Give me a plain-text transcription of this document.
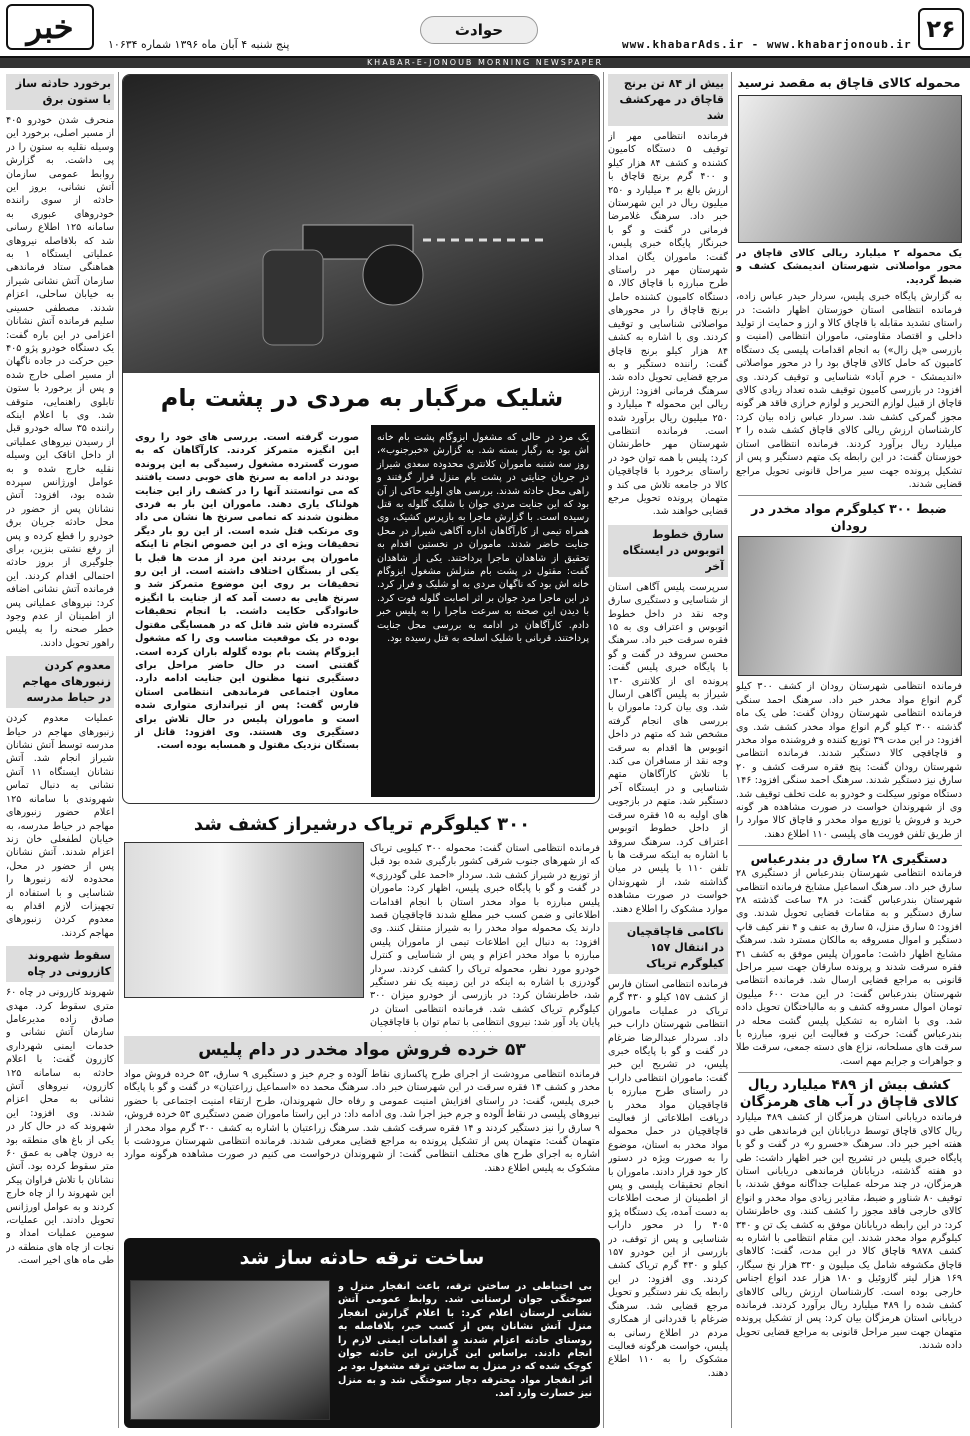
خبر	پنج شنبه ۴ آبان ماه ۱۳۹۶ شماره ۱۰۶۳۴
حوادث
www.khabarAds.ir - www.khabarjonoub.ir
۲۶
KHABAR-E-JONOUB MORNING NEWSPAPER
محموله کالای قاچاق به مقصد نرسید

یک محموله ۲ میلیارد ریالی کالای قاچاق در محور مواصلاتی شهرستان اندیمشک کشف و ضبط گردید.

به گزارش پایگاه خبری پلیس، سردار حیدر عباس زاده، فرمانده انتظامی استان خوزستان اظهار داشت: در راستای تشدید مقابله با قاچاق کالا و ارز و حمایت از تولید داخلی و اقتصاد مقاومتی، ماموران انتظامی (امنیت و بازرسی «پل زال») به انجام اقدامات پلیسی یک دستگاه کامیون که حامل کالای قاچاق بود را در محور مواصلاتی «اندیمشک - خرم آباد» شناسایی و توقیف کردند. وی افزود: در بازرسی کامیون توقیف شده تعداد زیادی کالای قاچاق از قبیل لوازم التحریر و لوازم خرازی فاقد هر گونه مجوز گمرکی کشف شد. سردار عباس زاده بیان کرد: کارشناسان ارزش ریالی کالای قاچاق کشف شده را ۲ میلیارد ریال برآورد کردند. فرمانده انتظامی استان خوزستان گفت: در این رابطه یک متهم دستگیر و پس از تشکیل پرونده جهت سیر مراحل قانونی تحویل مراجع قضایی شدند.

ضبط ۳۰۰ کیلوگرم مواد مخدر در رودان

فرمانده انتظامی شهرستان رودان از کشف ۳۰۰ کیلو گرم انواع مواد مخدر خبر داد. سرهنگ احمد سنگی فرمانده انتظامی شهرستان رودان گفت: طی یک ماه گذشته ۳۰۰ کیلو گرم انواع مواد مخدر کشف شد. وی افزود: در این مدت ۳۹ توزیع کننده و فروشنده مواد مخدر و قاچاقچی کالا دستگیر شدند. فرمانده انتظامی شهرستان رودان گفت: پنج فقره سرقت کشف و ۲۰ سارق نیز دستگیر شدند. سرهنگ احمد سنگی افزود: ۱۴۶ دستگاه موتور سیکلت و خودرو به علت تخلف توقیف شد. وی از شهروندان خواست در صورت مشاهده هر گونه خرید و فروش یا توزیع مواد مخدر و قاچاق کالا موارد را از طریق تلفن فوریت های پلیسی ۱۱۰ اطلاع دهند.

دستگیری ۲۸ سارق در بندرعباس

فرمانده انتظامی شهرستان بندرعباس از دستگیری ۲۸ سارق خبر داد. سرهنگ اسماعیل مشایخ فرمانده انتظامی شهرستان بندرعباس گفت: در ۴۸ ساعت گذشته ۲۸ سارق دستگیر و به مقامات قضایی تحویل شدند. وی افزود: ۵ سارق منزل، ۵ سارق به عنف و ۴ نفر کیف قاپ دستگیر و اموال مسروقه به مالکان مسترد شد. سرهنگ مشایخ اظهار داشت: ماموران پلیس موفق به کشف ۳۱ فقره سرقت شدند و پرونده سارقان جهت سیر مراحل قانونی به مراجع قضایی ارسال شد. فرمانده انتظامی شهرستان بندرعباس گفت: در این مدت ۶۰۰ میلیون تومان اموال مسروقه کشف و به مالباختگان تحویل داده شد. وی با اشاره به تشکیل پلیس گشت محله در بندرعباس گفت: حرکت و فعالیت این نیرو، مبارزه با سرقت های مسلحانه، نزاع های دسته جمعی، سرقت طلا و جواهرات و جرایم مهم است.

کشف بیش از ۴۸۹ میلیارد ریال کالای قاچاق در آب های هرمزگان

فرمانده دریابانی استان هرمزگان از کشف ۴۸۹ میلیارد ریال کالای قاچاق توسط دریابانان این فرماندهی طی دو هفته اخیر خبر داد. سرهنگ «خسرو ر» در گفت و گو با پایگاه خبری پلیس در تشریح این خبر اظهار داشت: طی دو هفته گذشته، دریابانان فرماندهی دریابانی استان هرمزگان، در چند مرحله عملیات جداگانه موفق شدند، با توقیف ۸۰ شناور و ضبط، مقادیر زیادی مواد مخدر و انواع کالای خارجی فاقد مجوز را کشف کنند. وی خاطرنشان کرد: در این رابطه دریابانان موفق به کشف یک تن و ۳۴۰ کیلوگرم مواد مخدر شدند. این مقام انتظامی با اشاره به کشف ۹۸۷۸ قاچاق کالا در این مدت، گفت: کالاهای قاچاق مکشوفه شامل یک میلیون و ۳۳۰ هزار نخ سیگار، ۱۶۹ هزار لیتر گازوئیل و ۱۸۰ هزار عدد انواع اجناس خارجی بوده است. کارشناسان ارزش ریالی کالاهای کشف شده را ۴۸۹ میلیارد ریال برآورد کردند. فرمانده دریابانی استان هرمزگان بیان کرد: پس از تشکیل پرونده متهمان جهت سیر مراحل قانونی به مراجع قضایی تحویل داده شدند.

بیش از ۸۴ تن برنج قاچاق در مهرکشف شد

فرمانده انتظامی مهر از توقیف ۵ دستگاه کامیون کشنده و کشف ۸۴ هزار کیلو و ۴۰۰ گرم برنج قاچاق با ارزش بالغ بر ۴ میلیارد و ۲۵۰ میلیون ریال در این شهرستان خبر داد. سرهنگ غلامرضا فرمانی در گفت و گو با خبرنگار پایگاه خبری پلیس، گفت: ماموران یگان امداد شهرستان مهر در راستای طرح مبارزه با قاچاق کالا، ۵ دستگاه کامیون کشنده حامل برنج قاچاق را در محورهای مواصلاتی شناسایی و توقیف کردند. وی با اشاره به کشف ۸۴ هزار کیلو برنج قاچاق گفت: راننده دستگیر و به مرجع قضایی تحویل داده شد. سرهنگ فرمانی افزود: ارزش ریالی این محموله ۴ میلیارد و ۲۵۰ میلیون ریال برآورد شده است. فرمانده انتظامی شهرستان مهر خاطرنشان کرد: پلیس با همه توان خود در راستای برخورد با قاچاقچیان کالا در جامعه تلاش می کند و متهمان پرونده تحویل مرجع قضایی خواهند شد.

سارق خطوط اتوبوس در ایستگاه آخر

سرپرست پلیس آگاهی استان از شناسایی و دستگیری سارق وجه نقد در داخل خطوط اتوبوس و اعتراف وی به ۱۵ فقره سرقت خبر داد. سرهنگ محسن سروقد در گفت و گو با پایگاه خبری پلیس گفت: پرونده ای از کلانتری ۱۳۰ شیراز به پلیس آگاهی ارسال شد. وی بیان کرد: ماموران با بررسی های انجام گرفته مشخص شد که متهم در داخل اتوبوس ها اقدام به سرقت وجه نقد از مسافران می کند. با تلاش کارآگاهان متهم شناسایی و در ایستگاه آخر دستگیر شد. متهم در بازجویی های اولیه به ۱۵ فقره سرقت از داخل خطوط اتوبوس اعتراف کرد. سرهنگ سروقد با اشاره به اینکه سرقت ها با تلفن ۱۱۰ با پلیس در میان گذاشته شد، از شهروندان خواست در صورت مشاهده موارد مشکوک را اطلاع دهند.

ناکامی قاچاقچیان در انتقال ۱۵۷ کیلوگرم تریاک

فرمانده انتظامی استان فارس از کشف ۱۵۷ کیلو و ۴۳۰ گرم تریاک در عملیات ماموران انتظامی شهرستان داراب خبر داد. سردار عبدالرضا ضرغام در گفت و گو با پایگاه خبری پلیس، در تشریح این خبر گفت: ماموران انتظامی داراب در راستای طرح مبارزه با قاچاقچیان مواد مخدر با دریافت اطلاعاتی از فعالیت قاچاقچیان در حمل محموله مواد مخدر به استان، موضوع را به صورت ویژه در دستور کار خود قرار دادند. ماموران با انجام تحقیقات پلیسی و پس از اطمینان از صحت اطلاعات به دست آمده، یک دستگاه پژو ۴۰۵ را در محور داراب شناسایی و پس از توقف، در بازرسی از این خودرو ۱۵۷ کیلو و ۴۳۰ گرم تریاک کشف کردند. وی افزود: در این رابطه یک نفر دستگیر و تحویل مرجع قضایی شد. سرهنگ ضرغام با قدردانی از همکاری مردم در اطلاع رسانی به پلیس، خواست هرگونه فعالیت مشکوک را به ۱۱۰ اطلاع دهند.

شلیک مرگبار به مردی در پشت بام

یک مرد در حالی که مشغول ایزوگام پشت بام خانه اش بود به رگبار بسته شد. به گزارش «خبرجنوب»، روز سه شنبه ماموران کلانتری محدوده سعدی شیراز در جریان جنایتی در پشت بام منزل قرار گرفتند و راهی محل حادثه شدند. بررسی های اولیه حاکی از آن بود که این جنایت مردی جوان با شلیک گلوله به قتل رسیده است. با گزارش ماجرا به بازپرس کشیک، وی همراه تیمی از کارآگاهان اداره آگاهی شیراز در محل جنایت حاضر شدند. ماموران در نخستین اقدام به تحقیق از شاهدان ماجرا پرداختند. یکی از شاهدان گفت: مقتول در پشت بام منزلش مشغول ایزوگام خانه اش بود که ناگهان مردی به او شلیک و فرار کرد. در این ماجرا مرد جوان بر اثر اصابت گلوله فوت کرد. با دیدن این صحنه به سرعت ماجرا را به پلیس خبر دادم. کارآگاهان در ادامه به بررسی محل جنایت پرداختند. قربانی با شلیک اسلحه به قتل رسیده بود.

صورت گرفته است. بررسی های خود را روی این انگیزه متمرکز کردند. کارآگاهان که به صورت گسترده مشغول رسیدگی به این پرونده بودند در ادامه به سرنخ های خوبی دست یافتند که می توانستند آنها را در کشف راز این جنایت هولناک یاری دهند. ماموران این بار به فردی مظنون شدند که تمامی سرنخ ها نشان می داد وی مرتکب قتل شده است. از این رو بار دیگر تحقیقات ویژه ای در این خصوص انجام تا اینکه ماموران پی بردند این مرد از مدت ها قبل با یکی از بستگان اختلاف داشته است. از این رو تحقیقات بر روی این موضوع متمرکز شد و سرنخ هایی به دست آمد که از جنایت با انگیزه خانوادگی حکایت داشت. با انجام تحقیقات گسترده فاش شد قاتل که در همسایگی مقتول بوده در یک موقعیت مناسب وی را که مشغول ایزوگام پشت بام بوده گلوله باران کرده است. گفتنی است در حال حاضر مراحل برای دستگیری تنها مظنون این جنایت ادامه دارد. معاون اجتماعی فرماندهی انتظامی استان فارس گفت: پس از تیراندازی متواری شده است و ماموران پلیس در حال تلاش برای دستگیری وی هستند. وی افزود: قاتل از بستگان نزدیک مقتول و همسایه بوده است.

۳۰۰ کیلوگرم تریاک درشیراز کشف شد

فرمانده انتظامی استان گفت: محموله ۳۰۰ کیلویی تریاک که از شهرهای جنوب شرقی کشور بارگیری شده بود قبل از توزیع در شیراز کشف شد. سردار «احمد علی گودرزی» در گفت و گو با پایگاه خبری پلیس، اظهار کرد: ماموران پلیس مبارزه با مواد مخدر استان با انجام اقدامات اطلاعاتی و ضمن کسب خبر مطلع شدند قاچاقچیان قصد دارند یک محموله مواد مخدر را به شیراز منتقل کنند. وی افزود: به دنبال این اطلاعات تیمی از ماموران پلیس مبارزه با مواد مخدر اعزام و پس از شناسایی و کنترل خودرو مورد نظر، محموله تریاک را کشف کردند. سردار گودرزی با اشاره به اینکه در این زمینه یک نفر دستگیر شد، خاطرنشان کرد: در بازرسی از خودرو میزان ۳۰۰ کیلوگرم تریاک کشف شد. فرمانده انتظامی استان در پایان یاد آور شد: نیروی انتظامی با تمام توان با قاچاقچیان

۵۳ خرده فروش مواد مخدر در دام پلیس

فرمانده انتظامی مرودشت از اجرای طرح پاکسازی نقاط آلوده و جرم خیز و دستگیری ۹ سارق، ۵۳ خرده فروش مواد مخدر و کشف ۱۴ فقره سرقت در این شهرستان خبر داد. سرهنگ محمد ده «اسماعیل زراعتیان» در گفت و گو با پایگاه خبری پلیس، گفت: در راستای افزایش امنیت عمومی و رفاه حال شهروندان، طرح ارتقاء امنیت اجتماعی با حضور نیروهای پلیسی در نقاط آلوده و جرم خیز اجرا شد. وی ادامه داد: در این راستا ماموران ضمن دستگیری ۵۳ خرده فروش، ۹ سارق را نیز دستگیر کردند و ۱۴ فقره سرقت کشف شد. سرهنگ زراعتیان با اشاره به کشف ۳۰۰ گرم مواد مخدر از متهمان گفت: متهمان پس از تشکیل پرونده به مراجع قضایی معرفی شدند. فرمانده انتظامی شهرستان مرودشت با اشاره به اجرای طرح های مختلف انتظامی گفت: از شهروندان درخواست می کنیم در صورت مشاهده هرگونه موارد مشکوک به پلیس اطلاع دهند.

ساخت ترقه حادثه ساز شد

بی احتیاطی در ساختن ترقه، باعث انفجار منزل و سوختگی جوان لرستانی شد. روابط عمومی آتش نشانی لرستان اعلام کرد: با اعلام گزارش انفجار منزل آتش نشانان پس از کسب خبر، بلافاصله به روستای حادثه اعزام شدند و اقدامات ایمنی لازم را انجام دادند. براساس این گزارش این حادثه جوان کوچک شده که در منزل به ساختن ترقه مشغول بود بر اثر انفجار مواد محترقه دچار سوختگی شد و به منزل نیز خسارت وارد آمد.

برخورد حادثه ساز با ستون برق

منحرف شدن خودرو ۴۰۵ از مسیر اصلی، برخورد این وسیله نقلیه به ستون را در پی داشت. به گزارش روابط عمومی سازمان آتش نشانی، بروز این حادثه از سوی راننده خودروهای عبوری به سامانه ۱۲۵ اطلاع رسانی شد که بلافاصله نیروهای عملیاتی ایستگاه ۱ به هماهنگی ستاد فرماندهی سازمان آتش نشانی شیراز به خیابان ساحلی، اعزام شدند. مصطفی حسینی سلیم فرمانده آتش نشانان اعزامی در این باره گفت: یک دستگاه خودرو پژو ۴۰۵ حین حرکت در جاده ناگهان از مسیر اصلی خارج شده و پس از برخورد با ستون تابلوی راهنمایی، متوقف شد. وی با اعلام اینکه راننده ۳۵ ساله خودرو قبل از رسیدن نیروهای عملیاتی از داخل اتاقک این وسیله نقلیه خارج شده و به عوامل اورژانس سپرده شده بود، افزود: آتش نشانان پس از حضور در محل حادثه جریان برق خودرو را قطع کرده و پس از رفع نشتی بنزین، برای جلوگیری از بروز حادثه احتمالی اقدام کردند. این فرمانده آتش نشانی اضافه کرد: نیروهای عملیاتی پس از اطمینان از عدم وجود خطر صحنه را به پلیس راهور تحویل دادند.

معدوم کردن زنبورهای مهاجم در حیاط مدرسه

عملیات معدوم کردن زنبورهای مهاجم در حیاط مدرسه توسط آتش نشانان شیراز انجام شد. آتش نشانان ایستگاه ۱۱ آتش نشانی به دنبال تماس شهروندی با سامانه ۱۲۵ اعلام حضور زنبورهای مهاجم در حیاط مدرسه، به خیابان لطفعلی خان زند اعزام شدند. آتش نشانان پس از حضور در محل، محدوده لانه زنبورها را شناسایی و با استفاده از تجهیزات لازم اقدام به معدوم کردن زنبورهای مهاجم کردند.

سقوط شهروند کازرونی در چاه

شهروند کازرونی در چاه ۶۰ متری سقوط کرد. مهدی صادق زاده مدیرعامل سازمان آتش نشانی و خدمات ایمنی شهرداری کازرون گفت: با اعلام حادثه به سامانه ۱۲۵ کازرون، نیروهای آتش نشانی به محل اعزام شدند. وی افزود: این شهروند که در حال کار در یکی از باغ های منطقه بود به درون چاهی به عمق ۶۰ متر سقوط کرده بود. آتش نشانان با تلاش فراوان پیکر این شهروند را از چاه خارج کردند و به عوامل اورژانس تحویل دادند. این عملیات، سومین عملیات امداد و نجات از چاه های منطقه در طی ماه های اخیر است.
